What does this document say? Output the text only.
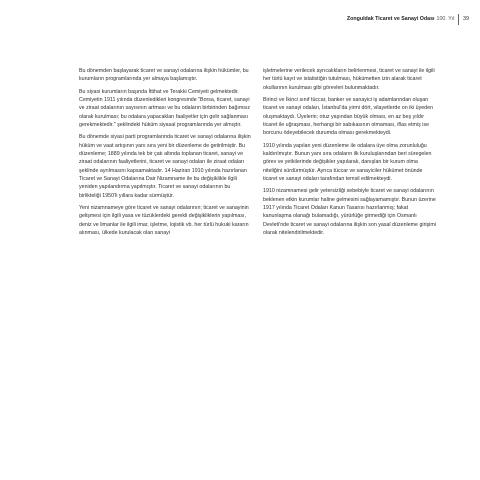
Zonguldak Ticaret ve Sanayi Odası 100. Yıl 39

Bu dönemden başlayarak ticaret ve sanayi odalarına ilişkin hükümler, bu kurumların programlarında yer almaya başlamıştır.

Bu siyasi kurumların başında İttihat ve Terakki Cemiyeti gelmektedir. Cemiyetin 1911 yılında düzenledikleri kongresinde "Borsa, ticaret, sanayi ve ziraat odalarının sayısının artması ve bu odaların birbirinden bağımsız olarak kurulması; bu odalara yapacakları faaliyetler için gelir sağlanması gerekmektedir." şeklindeki hüküm siyasal programlarında yer almıştır.

Bu dönemde siyasi parti programlarında ticaret ve sanayi odalarına ilişkin hüküm ve vaat artışının yanı sıra yeni bir düzenleme de getirilmiştir. Bu düzenleme; 1889 yılında tek bir çatı altında toplanan ticaret, sanayi ve ziraat odalarının faaliyetlerini, ticaret ve sanayi odaları ile ziraat odaları şeklinde ayrılmasını kapsamaktadır. 14 Haziran 1910 yılında hazırlanan Ticaret ve Sanayi Odalarına Dair Nizamname ile bu değişiklikle ilgili yeniden yapılandırma yapılmıştır. Ticaret ve sanayi odalarının bu birlikteliği 1950'li yıllara kadar sürmüştür.

Yeni nizamnameye göre ticaret ve sanayi odalarının; ticaret ve sanayinin gelişmesi için ilgili yasa ve tüzüklerdeki gerekli değişikliklerin yapılması, deniz ve limanlar ile ilgili imar, işletme, lojistik vb. her türlü hukuki kararın alınması, ülkede kurulacak olan sanayi

işletmelerine verilecek ayrıcalıkların belirlenmesi, ticaret ve sanayi ile ilgili her türlü kayıt ve istatistiğin tutulması, hükümetten izin alarak ticaret okullarının kurulması gibi görevleri bulunmaktadır.

Birinci ve İkinci sınıf tüccar, banker ve sanayici iş adamlarından oluşan ticaret ve sanayi odaları, İstanbul'da yirmi dört, vilayetlerde on iki üyeden oluşmaktaydı. Üyelerin; otuz yaşından büyük olması, en az beş yıldır ticaret ile uğraşması, herhangi bir sabıkasının olmaması, iflas etmiş ise borcunu ödeyebilecek durumda olması gerekmekteydi.

1910 yılında yapılan yeni düzenleme ile odalara üye olma zorunluluğu kaldırılmıştır. Bunun yanı sıra odaların ilk kuruluşlarından beri süregelen görev ve yetkilerinde değişikler yapılarak, danışlan bir kurum olma niteliğini sürdürmüştür. Ayrıca tüccar ve sanayiciler hükümet önünde ticaret ve sanayi odaları tarafından temsil edilmekteydi.

1910 nizamnamesi gelir yetersizliği sebebiyle ticaret ve sanayi odalarının beklenen etkin kurumlar haline gelmesini sağlayamamıştır. Bunun üzerine 1917 yılında Ticaret Odaları Kanun Tasarısı hazırlanmış; fakat kanunlaşma olanağı bulamadığı, yürürlüğe girmediği için Osmanlı Devleti'nde ticaret ve sanayi odalarına ilişkin son yasal düzenleme girişimi olarak nitelendirilmektedir.
